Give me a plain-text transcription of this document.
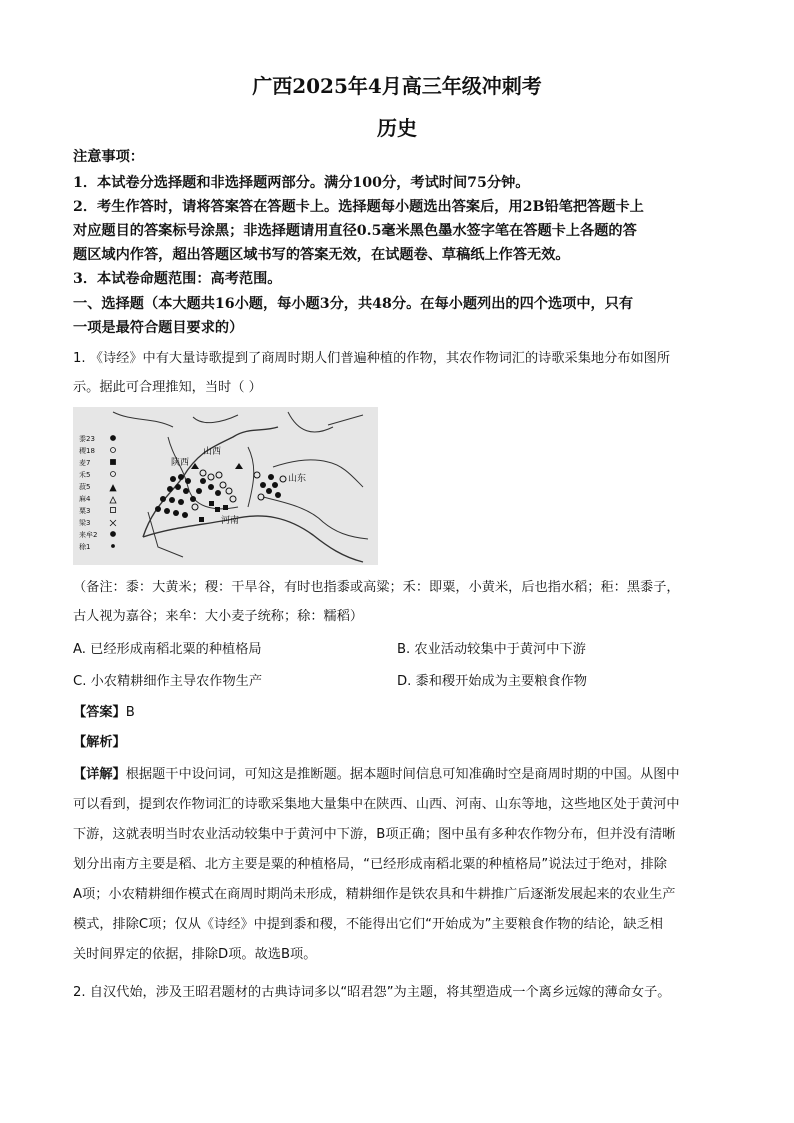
广西2025年4月高三年级冲刺考
历史
注意事项：
1．本试卷分选择题和非选择题两部分。满分100分，考试时间75分钟。
2．考生作答时，请将答案答在答题卡上。选择题每小题选出答案后，用2B铅笔把答题卡上
对应题目的答案标号涂黑；非选择题请用直径0.5毫米黑色墨水签字笔在答题卡上各题的答
题区域内作答，超出答题区域书写的答案无效，在试题卷、草稿纸上作答无效。
3．本试卷命题范围：高考范围。
一、选择题（本大题共16小题，每小题3分，共48分。在每小题列出的四个选项中，只有
一项是最符合题目要求的）
1. 《诗经》中有大量诗歌提到了商周时期人们普遍种植的作物，其农作物词汇的诗歌采集地分布如图所
示。据此可合理推知，当时（ ）
黍23
稷18
麦7
禾5
菽5
麻4
粟3
梁3
来牟2
稌1
山西
陕西
山东
河南
（备注：黍：大黄米；稷：干旱谷，有时也指黍或高粱；禾：即粟，小黄米，后也指水稻；秬：黑黍子，
古人视为嘉谷；来牟：大小麦子统称；稌：糯稻）
A. 已经形成南稻北粟的种植格局	B. 农业活动较集中于黄河中下游
C. 小农精耕细作主导农作物生产	D. 黍和稷开始成为主要粮食作物
【答案】B
【解析】
【详解】根据题干中设问词，可知这是推断题。据本题时间信息可知准确时空是商周时期的中国。从图中
可以看到，提到农作物词汇的诗歌采集地大量集中在陕西、山西、河南、山东等地，这些地区处于黄河中
下游，这就表明当时农业活动较集中于黄河中下游，B项正确；图中虽有多种农作物分布，但并没有清晰
划分出南方主要是稻、北方主要是粟的种植格局，“已经形成南稻北粟的种植格局”说法过于绝对，排除
A项；小农精耕细作模式在商周时期尚未形成，精耕细作是铁农具和牛耕推广后逐渐发展起来的农业生产
模式，排除C项；仅从《诗经》中提到黍和稷，不能得出它们“开始成为”主要粮食作物的结论，缺乏相
关时间界定的依据，排除D项。故选B项。
2. 自汉代始，涉及王昭君题材的古典诗词多以“昭君怨”为主题，将其塑造成一个离乡远嫁的薄命女子。
